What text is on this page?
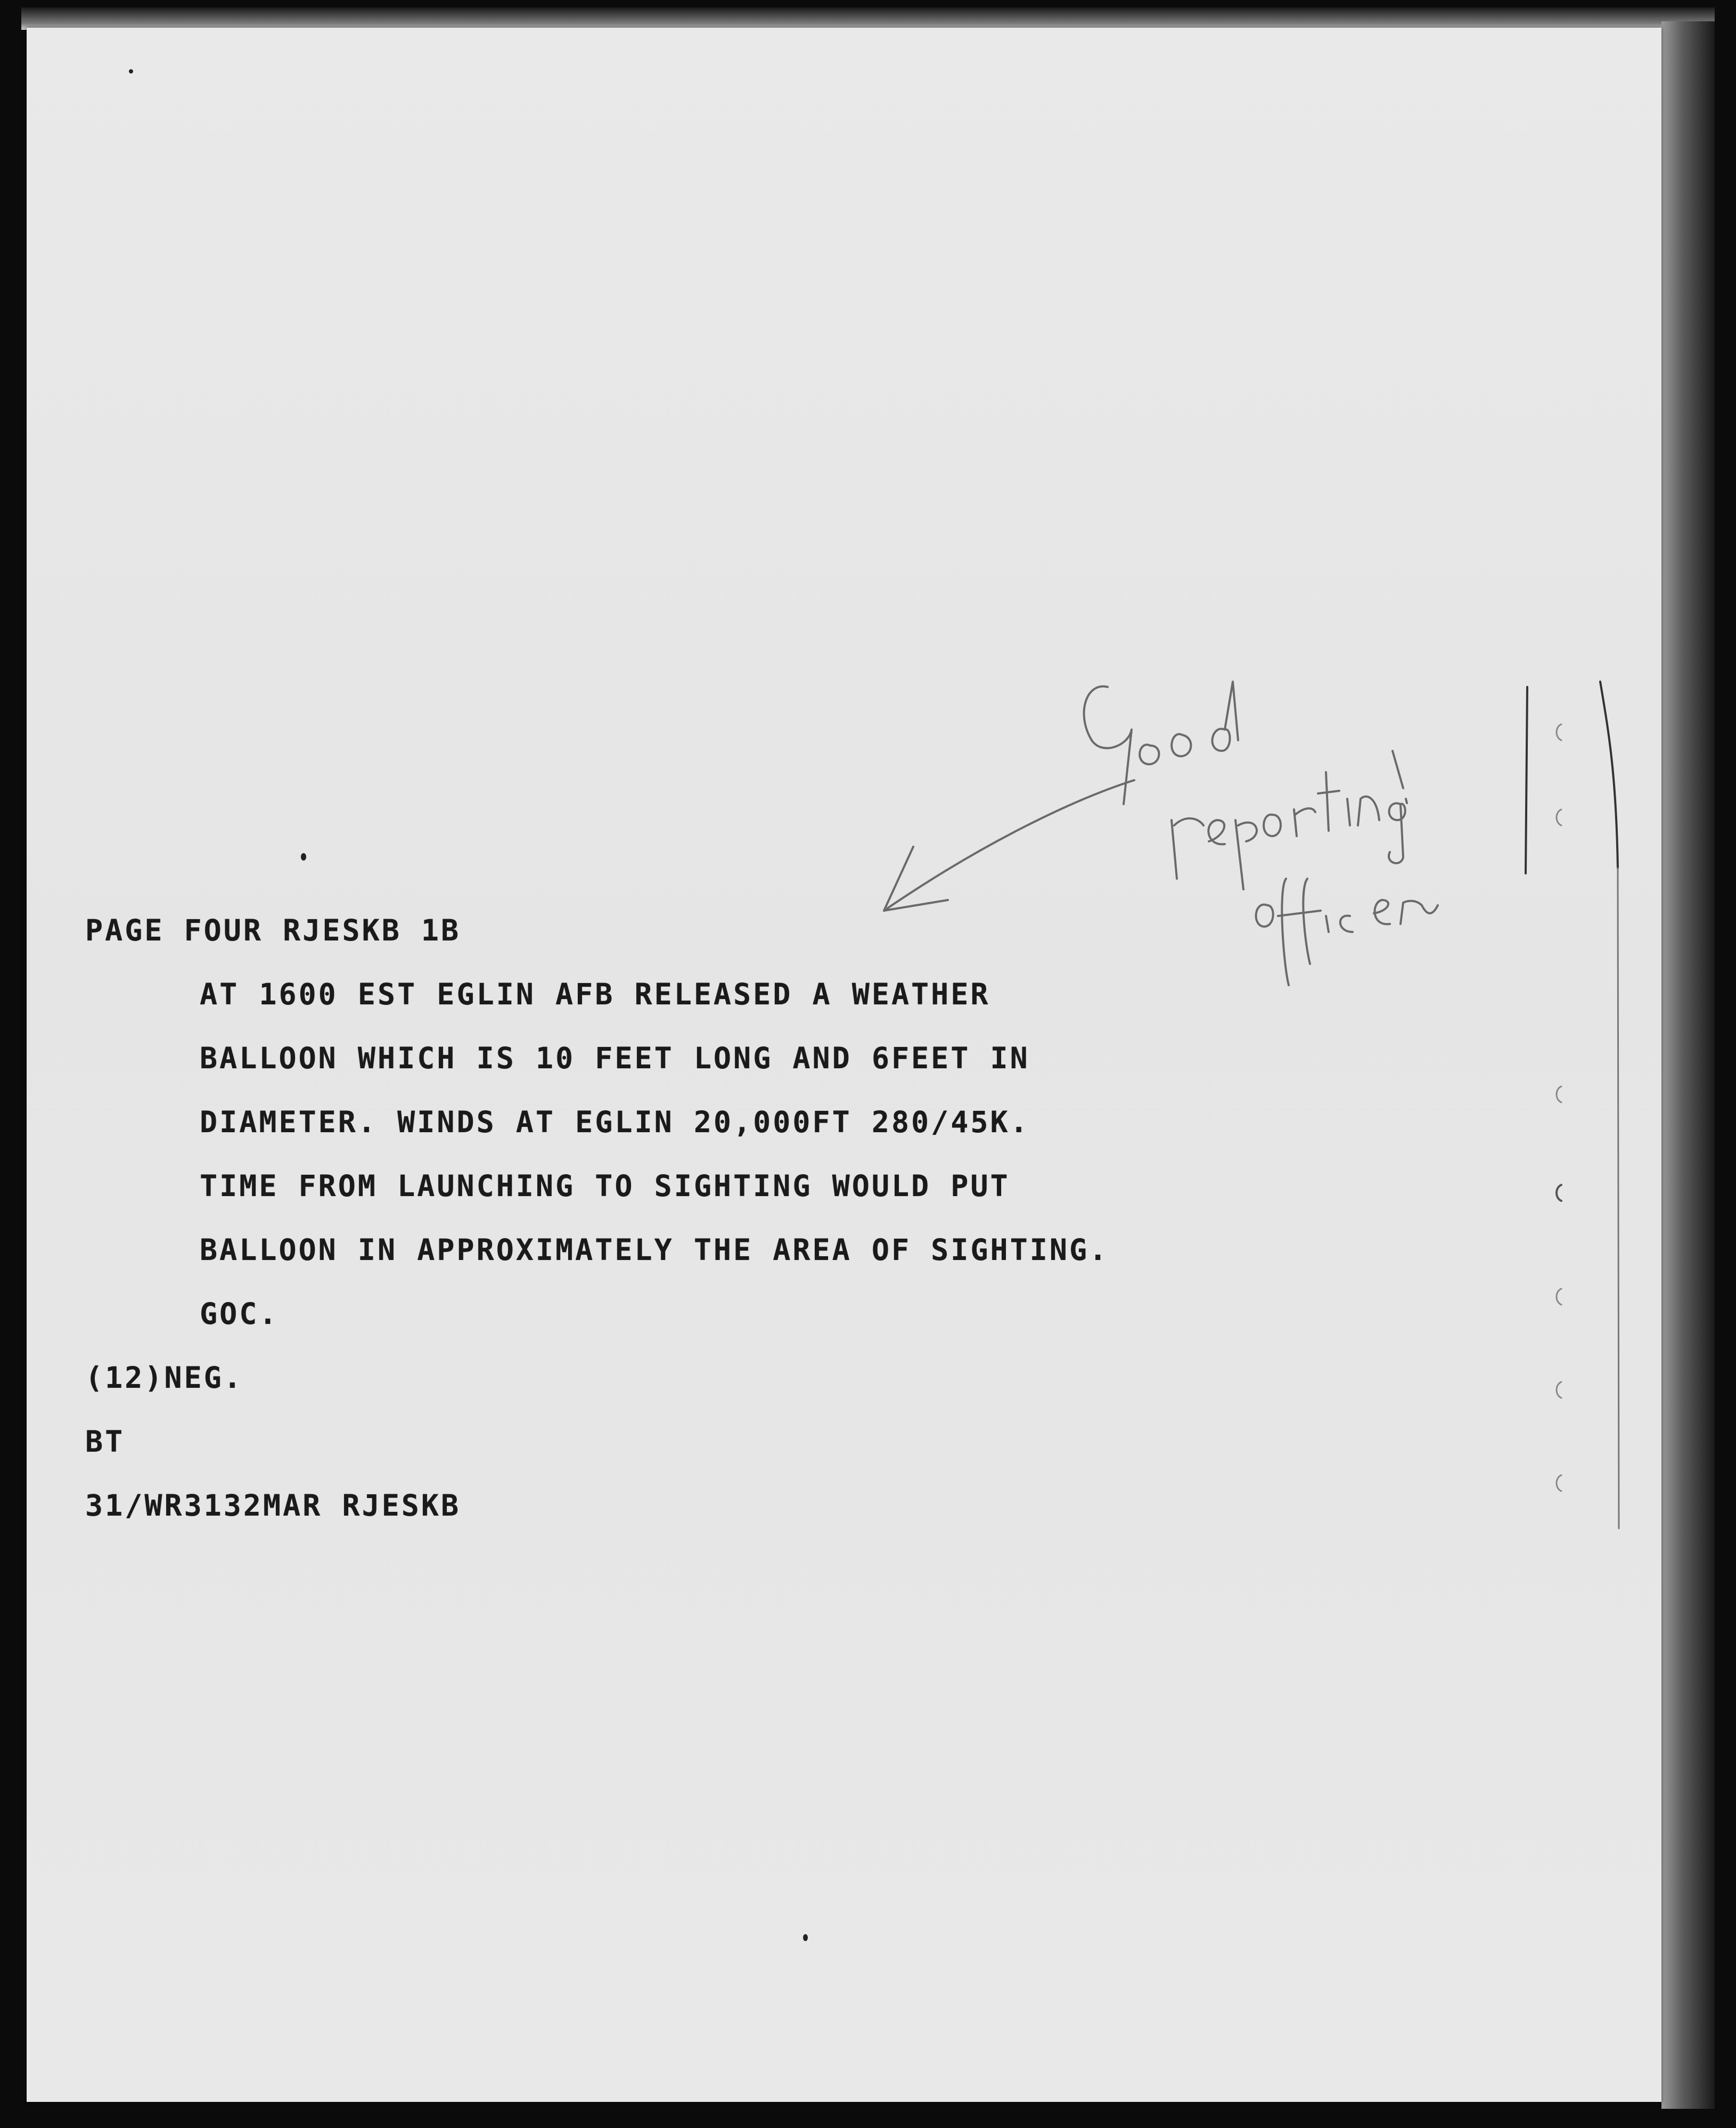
PAGE FOUR RJESKB 1B
AT 1600 EST EGLIN AFB RELEASED A WEATHER
BALLOON WHICH IS 10 FEET LONG AND 6FEET IN
DIAMETER. WINDS AT EGLIN 20,000FT 280/45K.
TIME FROM LAUNCHING TO SIGHTING WOULD PUT
BALLOON IN APPROXIMATELY THE AREA OF SIGHTING.
GOC.
(12)NEG.
BT
31/WR3132MAR RJESKB
